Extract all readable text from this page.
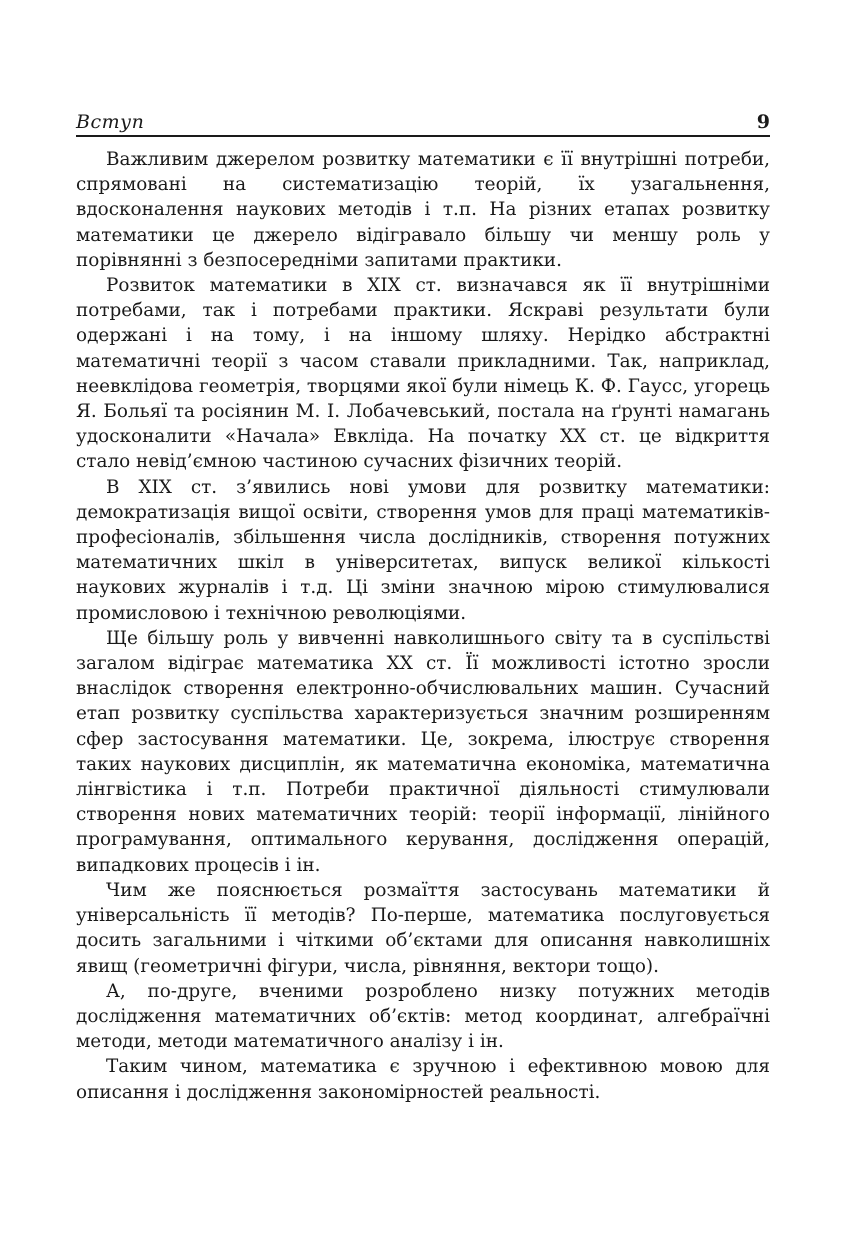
Вступ	9

Важливим джерелом розвитку математики є її внутрішні потреби, спрямовані на систематизацію теорій, їх узагальнення, вдосконалення наукових методів і т.п. На різних етапах розвитку математики це джерело відігравало більшу чи меншу роль у порівнянні з безпосередніми запитами практики.

Розвиток математики в XIX ст. визначався як її внутрішніми потребами, так і потребами практики. Яскраві результати були одержані і на тому, і на іншому шляху. Нерідко абстрактні математичні теорії з часом ставали прикладними. Так, наприклад, неевклідова геометрія, творцями якої були німець К. Ф. Гаусс, угорець Я. Больяї та росіянин М. І. Лобачевський, постала на ґрунті намагань удосконалити «Начала» Евкліда. На початку XX ст. це відкриття стало невід’ємною частиною сучасних фізичних теорій.

В XIX ст. з’явились нові умови для розвитку математики: демократизація вищої освіти, створення умов для праці математиків-професіоналів, збільшення числа дослідників, створення потужних математичних шкіл в університетах, випуск великої кількості наукових журналів і т.д. Ці зміни значною мірою стимулювалися промисловою і технічною революціями.

Ще більшу роль у вивченні навколишнього світу та в суспільстві загалом відіграє математика XX ст. Її можливості істотно зросли внаслідок створення електронно-обчислювальних машин. Сучасний етап розвитку суспільства характеризується значним розширенням сфер застосування математики. Це, зокрема, ілюструє створення таких наукових дисциплін, як математична економіка, математична лінгвістика і т.п. Потреби практичної діяльності стимулювали створення нових математичних теорій: теорії інформації, лінійного програмування, оптимального керування, дослідження операцій, випадкових процесів і ін.

Чим же пояснюється розмаїття застосувань математики й універсальність її методів? По-перше, математика послуговується досить загальними і чіткими об’єктами для описання навколишніх явищ (геометричні фігури, числа, рівняння, вектори тощо).

А, по-друге, вченими розроблено низку потужних методів дослідження математичних об’єктів: метод координат, алгебраїчні методи, методи математичного аналізу і ін.

Таким чином, математика є зручною і ефективною мовою для описання і дослідження закономірностей реальності.
